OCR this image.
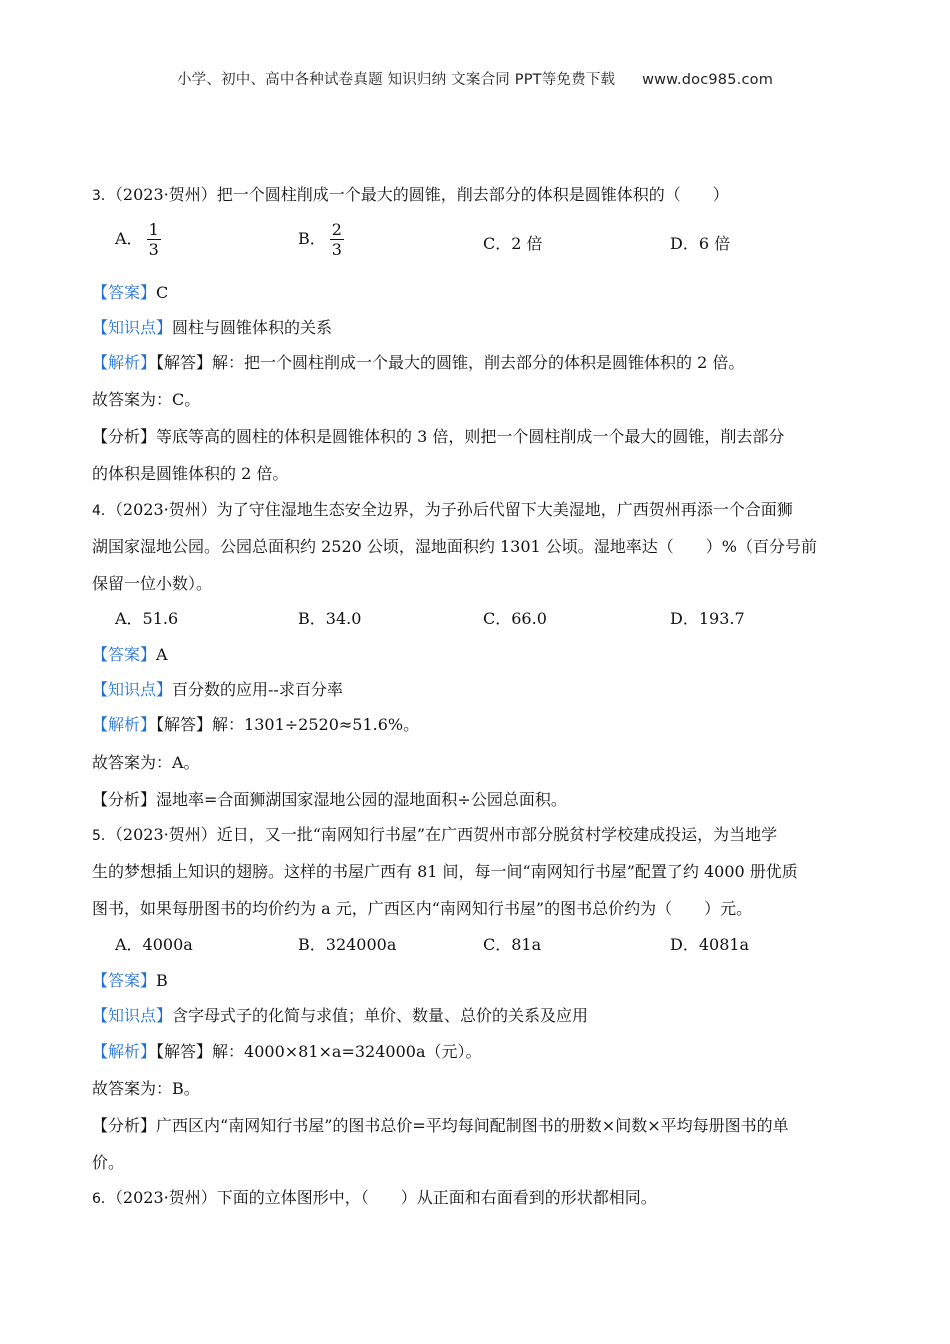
小学、初中、高中各种试卷真题 知识归纳 文案合同 PPT等免费下载 www.doc985.com
3．（2023·贺州）把一个圆柱削成一个最大的圆锥，削去部分的体积是圆锥体积的（　　）
A． $\frac{1}{3}$	B． $\frac{2}{3}$	C．2 倍	D．6 倍
【答案】C
【知识点】圆柱与圆锥体积的关系
【解析】【解答】解：把一个圆柱削成一个最大的圆锥，削去部分的体积是圆锥体积的 2 倍。
故答案为：C。
【分析】等底等高的圆柱的体积是圆锥体积的 3 倍，则把一个圆柱削成一个最大的圆锥，削去部分
的体积是圆锥体积的 2 倍。
4．（2023·贺州）为了守住湿地生态安全边界，为子孙后代留下大美湿地，广西贺州再添一个合面狮
湖国家湿地公园。公园总面积约 2520 公顷，湿地面积约 1301 公顷。湿地率达（　　）%（百分号前
保留一位小数）。
A．51.6	B．34.0	C．66.0	D．193.7
【答案】A
【知识点】百分数的应用--求百分率
【解析】【解答】解：1301÷2520≈51.6%。
故答案为：A。
【分析】湿地率=合面狮湖国家湿地公园的湿地面积÷公园总面积。
5．（2023·贺州）近日，又一批“南网知行书屋”在广西贺州市部分脱贫村学校建成投运，为当地学
生的梦想插上知识的翅膀。这样的书屋广西有 81 间，每一间“南网知行书屋”配置了约 4000 册优质
图书，如果每册图书的均价约为 a 元，广西区内“南网知行书屋”的图书总价约为（　　）元。
A．4000a	B．324000a	C．81a	D．4081a
【答案】B
【知识点】含字母式子的化简与求值；单价、数量、总价的关系及应用
【解析】【解答】解：4000×81×a=324000a（元）。
故答案为：B。
【分析】广西区内“南网知行书屋”的图书总价=平均每间配制图书的册数×间数×平均每册图书的单
价。
6．（2023·贺州）下面的立体图形中，（　　）从正面和右面看到的形状都相同。
